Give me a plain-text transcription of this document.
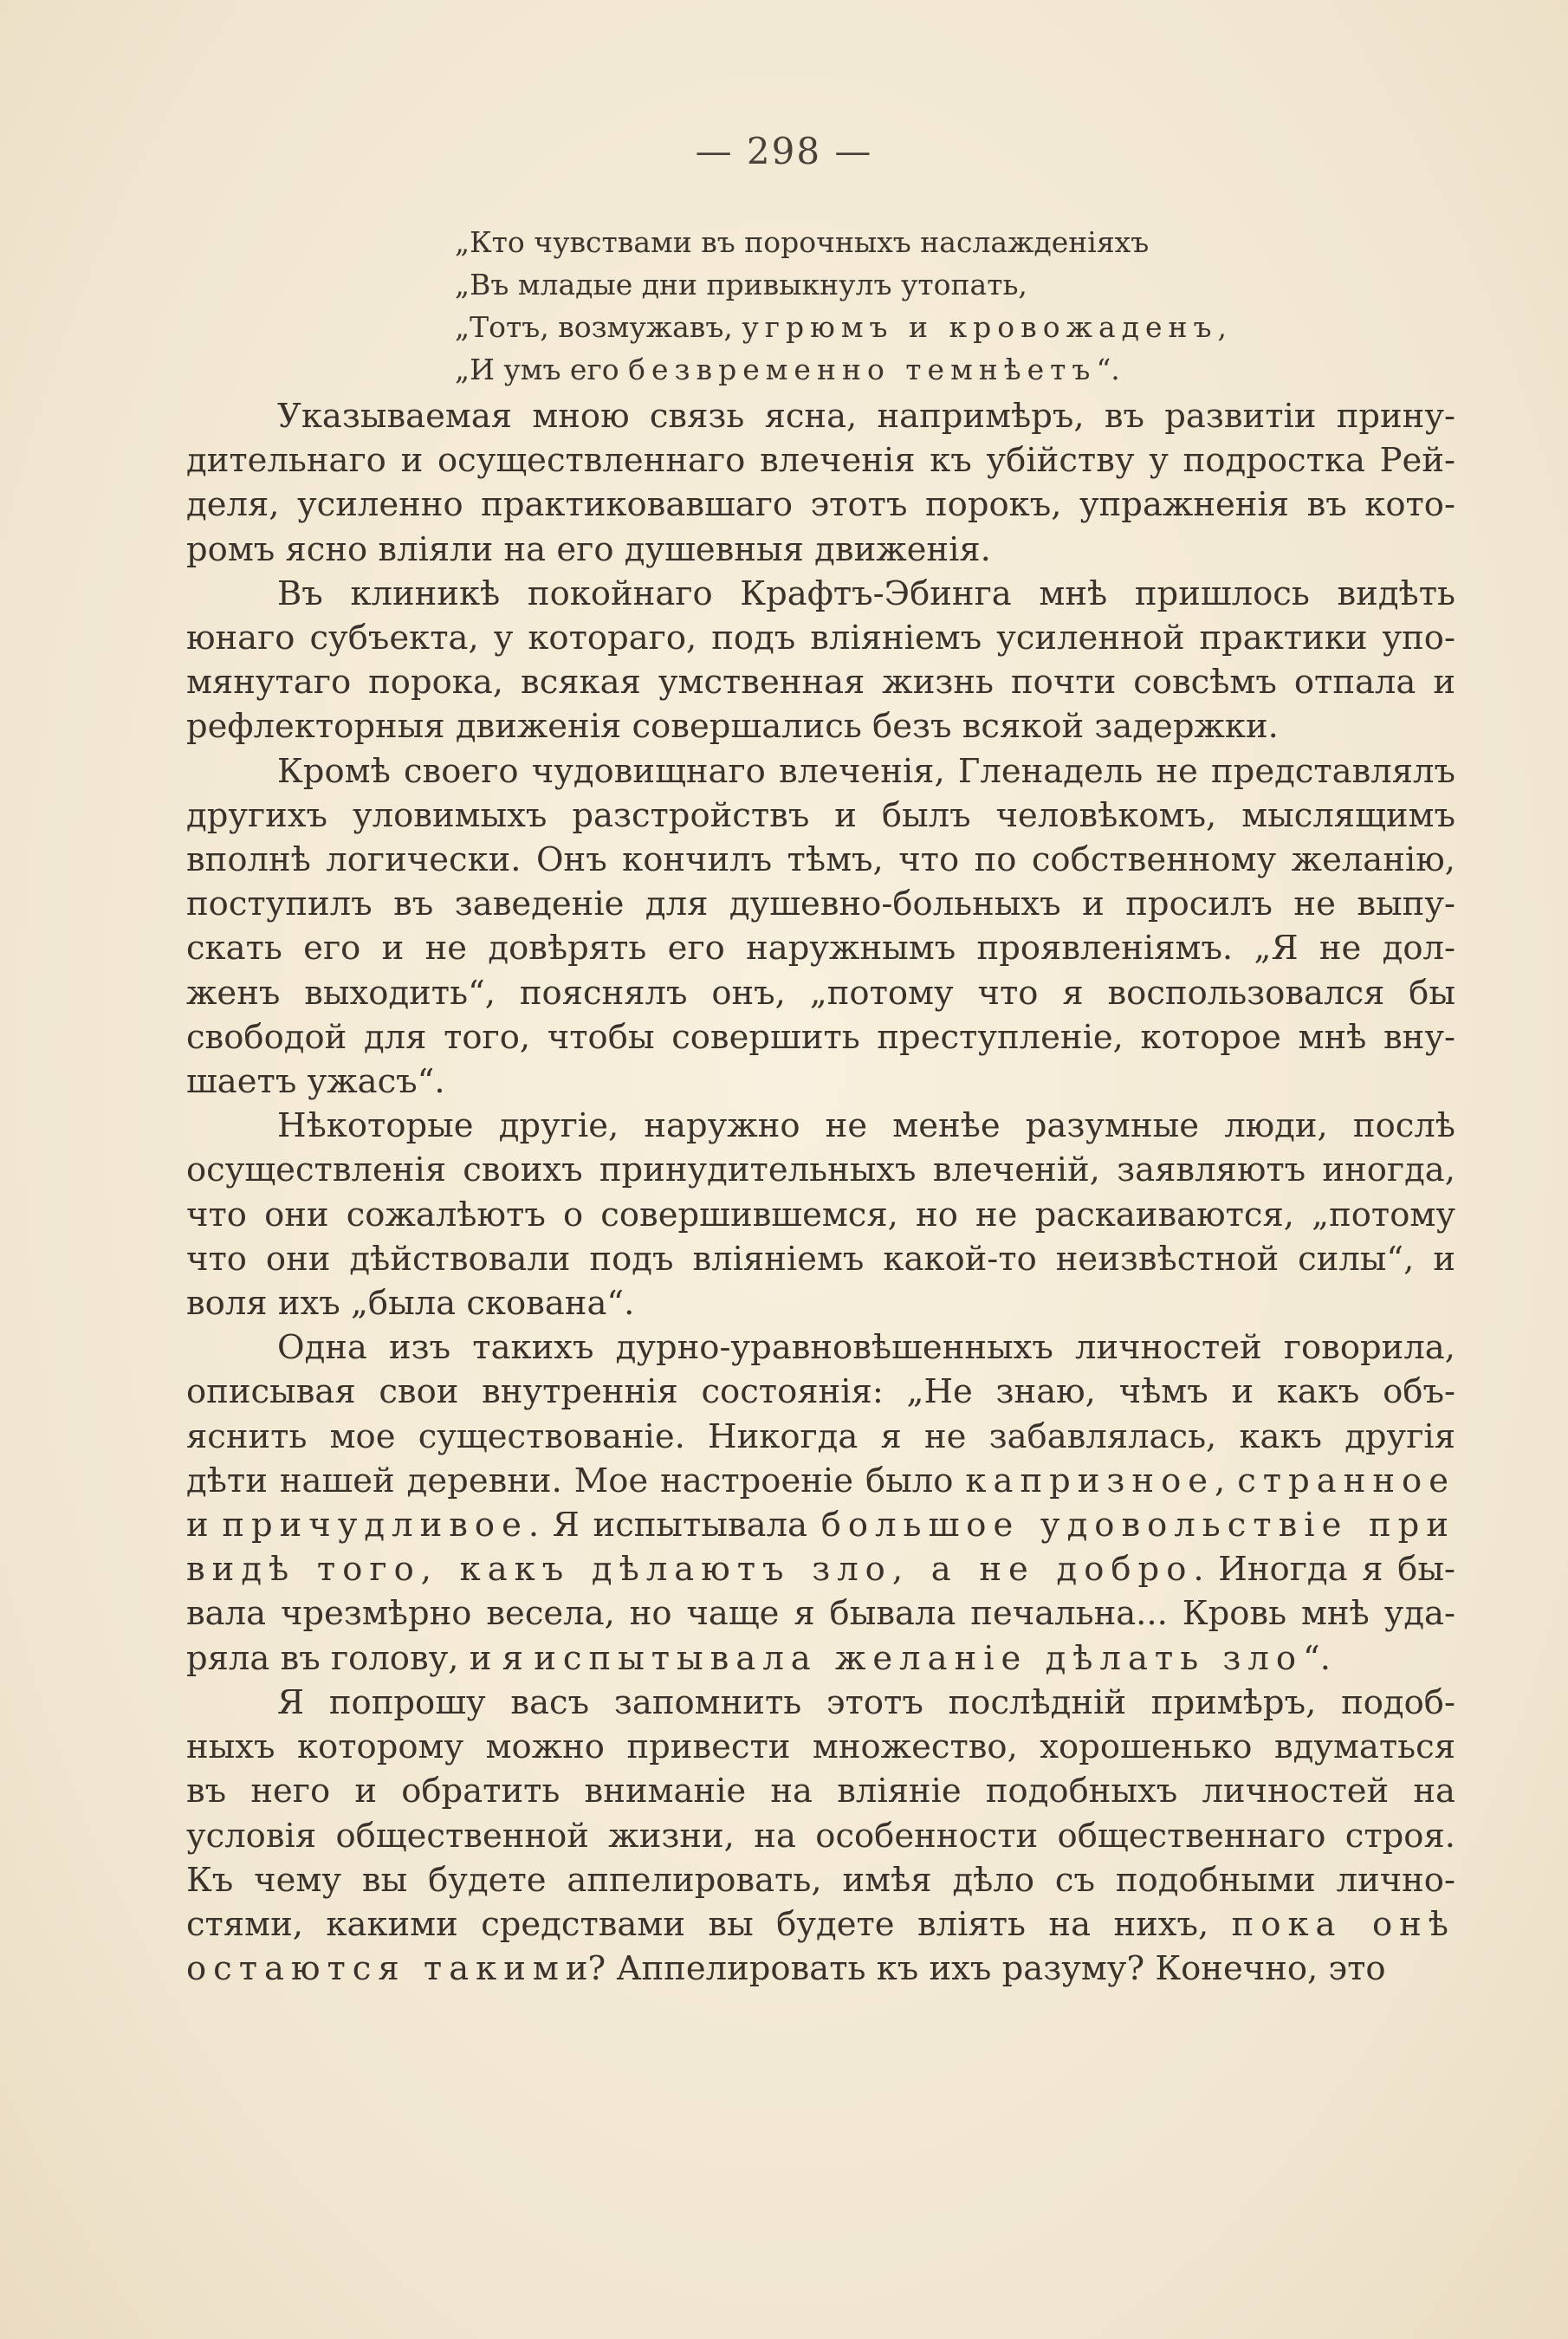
— 298 —
„Кто чувствами въ порочныхъ наслажденіяхъ
„Въ младые дни привыкнулъ утопать,
„Тотъ, возмужавъ, угрюмъ и кровожаденъ,
„И умъ его безвременно темнѣетъ“.
Указываемая мною связь ясна, напримѣръ, въ развитіи прину-
дительнаго и осуществленнаго влеченія къ убійству у подростка Рей-
деля, усиленно практиковавшаго этотъ порокъ, упражненія въ кото-
ромъ ясно вліяли на его душевныя движенія.
Въ клиникѣ покойнаго Крафтъ-Эбинга мнѣ пришлось видѣть
юнаго субъекта, у котораго, подъ вліяніемъ усиленной практики упо-
мянутаго порока, всякая умственная жизнь почти совсѣмъ отпала и
рефлекторныя движенія совершались безъ всякой задержки.
Кромѣ своего чудовищнаго влеченія, Гленадель не представлялъ
другихъ уловимыхъ разстройствъ и былъ человѣкомъ, мыслящимъ
вполнѣ логически. Онъ кончилъ тѣмъ, что по собственному желанію,
поступилъ въ заведеніе для душевно-больныхъ и просилъ не выпу-
скать его и не довѣрять его наружнымъ проявленіямъ. „Я не дол-
женъ выходить“, пояснялъ онъ, „потому что я воспользовался бы
свободой для того, чтобы совершить преступленіе, которое мнѣ вну-
шаетъ ужасъ“.
Нѣкоторые другіе, наружно не менѣе разумные люди, послѣ
осуществленія своихъ принудительныхъ влеченій, заявляютъ иногда,
что они сожалѣютъ о совершившемся, но не раскаиваются, „потому
что они дѣйствовали подъ вліяніемъ какой-то неизвѣстной силы“, и
воля ихъ „была скована“.
Одна изъ такихъ дурно-уравновѣшенныхъ личностей говорила,
описывая свои внутреннія состоянія: „Не знаю, чѣмъ и какъ объ-
яснить мое существованіе. Никогда я не забавлялась, какъ другія
дѣти нашей деревни. Мое настроеніе было капризное, странное
и причудливое. Я испытывала большое удовольствіе при
видѣ того, какъ дѣлаютъ зло, а не добро. Иногда я бы-
вала чрезмѣрно весела, но чаще я бывала печальна... Кровь мнѣ уда-
ряла въ голову, и я испытывала желаніе дѣлать зло“.
Я попрошу васъ запомнить этотъ послѣдній примѣръ, подоб-
ныхъ которому можно привести множество, хорошенько вдуматься
въ него и обратить вниманіе на вліяніе подобныхъ личностей на
условія общественной жизни, на особенности общественнаго строя.
Къ чему вы будете аппелировать, имѣя дѣло съ подобными лично-
стями, какими средствами вы будете вліять на нихъ, пока онѣ
остаются такими? Аппелировать къ ихъ разуму? Конечно, это
